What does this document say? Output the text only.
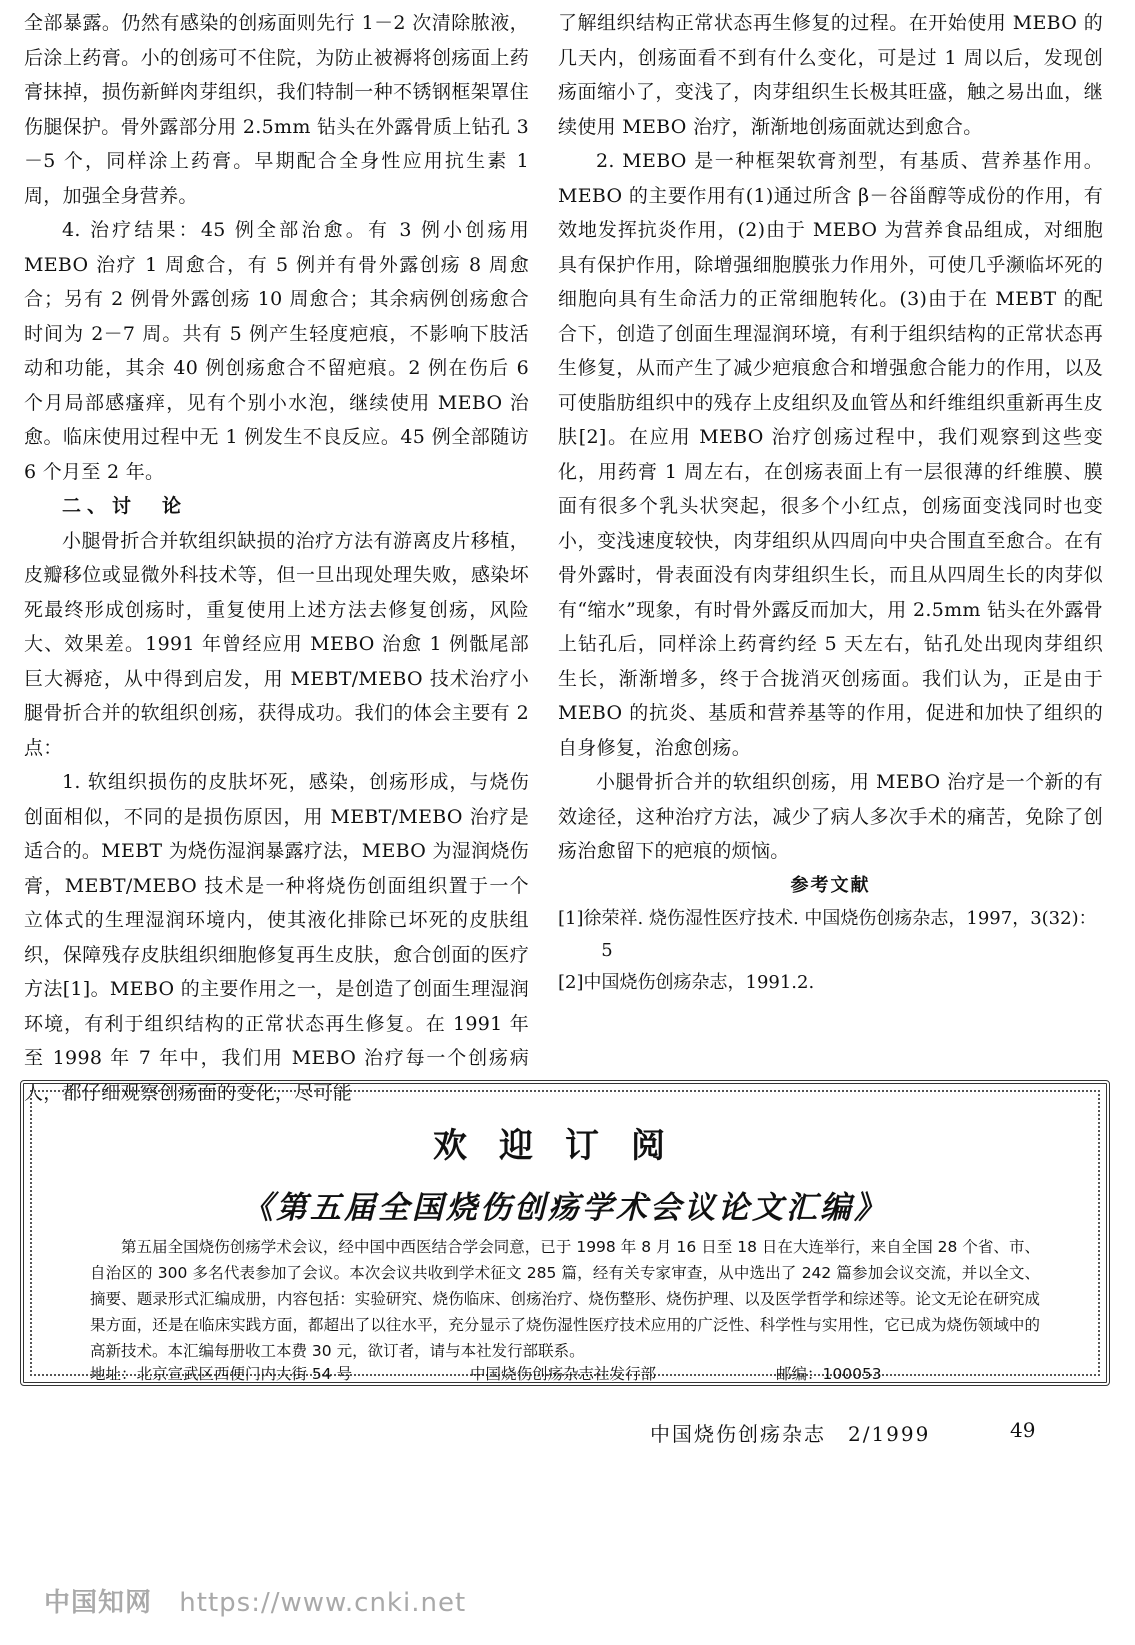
全部暴露。仍然有感染的创疡面则先行 1－2 次清除脓液，后涂上药膏。小的创疡可不住院，为防止被褥将创疡面上药膏抹掉，损伤新鲜肉芽组织，我们特制一种不锈钢框架罩住伤腿保护。骨外露部分用 2.5mm 钻头在外露骨质上钻孔 3－5 个，同样涂上药膏。早期配合全身性应用抗生素 1 周，加强全身营养。

4. 治疗结果：45 例全部治愈。有 3 例小创疡用 MEBO 治疗 1 周愈合，有 5 例并有骨外露创疡 8 周愈合；另有 2 例骨外露创疡 10 周愈合；其余病例创疡愈合时间为 2－7 周。共有 5 例产生轻度疤痕，不影响下肢活动和功能，其余 40 例创疡愈合不留疤痕。2 例在伤后 6 个月局部感瘙痒，见有个别小水泡，继续使用 MEBO 治愈。临床使用过程中无 1 例发生不良反应。45 例全部随访 6 个月至 2 年。

二、讨　论

小腿骨折合并软组织缺损的治疗方法有游离皮片移植，皮瓣移位或显微外科技术等，但一旦出现处理失败，感染坏死最终形成创疡时，重复使用上述方法去修复创疡，风险大、效果差。1991 年曾经应用 MEBO 治愈 1 例骶尾部巨大褥疮，从中得到启发，用 MEBT/MEBO 技术治疗小腿骨折合并的软组织创疡，获得成功。我们的体会主要有 2 点：

1. 软组织损伤的皮肤坏死，感染，创疡形成，与烧伤创面相似，不同的是损伤原因，用 MEBT/MEBO 治疗是适合的。MEBT 为烧伤湿润暴露疗法，MEBO 为湿润烧伤膏，MEBT/MEBO 技术是一种将烧伤创面组织置于一个立体式的生理湿润环境内，使其液化排除已坏死的皮肤组织，保障残存皮肤组织细胞修复再生皮肤，愈合创面的医疗方法[1]。MEBO 的主要作用之一，是创造了创面生理湿润环境，有利于组织结构的正常状态再生修复。在 1991 年至 1998 年 7 年中，我们用 MEBO 治疗每一个创疡病人，都仔细观察创疡面的变化，尽可能

了解组织结构正常状态再生修复的过程。在开始使用 MEBO 的几天内，创疡面看不到有什么变化，可是过 1 周以后，发现创疡面缩小了，变浅了，肉芽组织生长极其旺盛，触之易出血，继续使用 MEBO 治疗，渐渐地创疡面就达到愈合。

2. MEBO 是一种框架软膏剂型，有基质、营养基作用。MEBO 的主要作用有(1)通过所含 β－谷甾醇等成份的作用，有效地发挥抗炎作用，(2)由于 MEBO 为营养食品组成，对细胞具有保护作用，除增强细胞膜张力作用外，可使几乎濒临坏死的细胞向具有生命活力的正常细胞转化。(3)由于在 MEBT 的配合下，创造了创面生理湿润环境，有利于组织结构的正常状态再生修复，从而产生了减少疤痕愈合和增强愈合能力的作用，以及可使脂肪组织中的残存上皮组织及血管丛和纤维组织重新再生皮肤[2]。在应用 MEBO 治疗创疡过程中，我们观察到这些变化，用药膏 1 周左右，在创疡表面上有一层很薄的纤维膜、膜面有很多个乳头状突起，很多个小红点，创疡面变浅同时也变小，变浅速度较快，肉芽组织从四周向中央合围直至愈合。在有骨外露时，骨表面没有肉芽组织生长，而且从四周生长的肉芽似有“缩水”现象，有时骨外露反而加大，用 2.5mm 钻头在外露骨上钻孔后，同样涂上药膏约经 5 天左右，钻孔处出现肉芽组织生长，渐渐增多，终于合拢消灭创疡面。我们认为，正是由于 MEBO 的抗炎、基质和营养基等的作用，促进和加快了组织的自身修复，治愈创疡。

小腿骨折合并的软组织创疡，用 MEBO 治疗是一个新的有效途径，这种治疗方法，减少了病人多次手术的痛苦，免除了创疡治愈留下的疤痕的烦恼。

参考文献
[1]徐荣祥. 烧伤湿性医疗技术. 中国烧伤创疡杂志，1997，3(32)：5
[2]中国烧伤创疡杂志，1991.2.
欢迎订阅
《第五届全国烧伤创疡学术会议论文汇编》
第五届全国烧伤创疡学术会议，经中国中西医结合学会同意，已于 1998 年 8 月 16 日至 18 日在大连举行，来自全国 28 个省、市、自治区的 300 多名代表参加了会议。本次会议共收到学术征文 285 篇，经有关专家审查，从中选出了 242 篇参加会议交流，并以全文、摘要、题录形式汇编成册，内容包括：实验研究、烧伤临床、创疡治疗、烧伤整形、烧伤护理、以及医学哲学和综述等。论文无论在研究成果方面，还是在临床实践方面，都超出了以往水平，充分显示了烧伤湿性医疗技术应用的广泛性、科学性与实用性，它已成为烧伤领域中的高新技术。本汇编每册收工本费 30 元，欲订者，请与本社发行部联系。
地址：北京宣武区西便门内大街 54 号	中国烧伤创疡杂志社发行部	邮编：100053
中国烧伤创疡杂志　2/1999	49
中国知网 https://www.cnki.net
